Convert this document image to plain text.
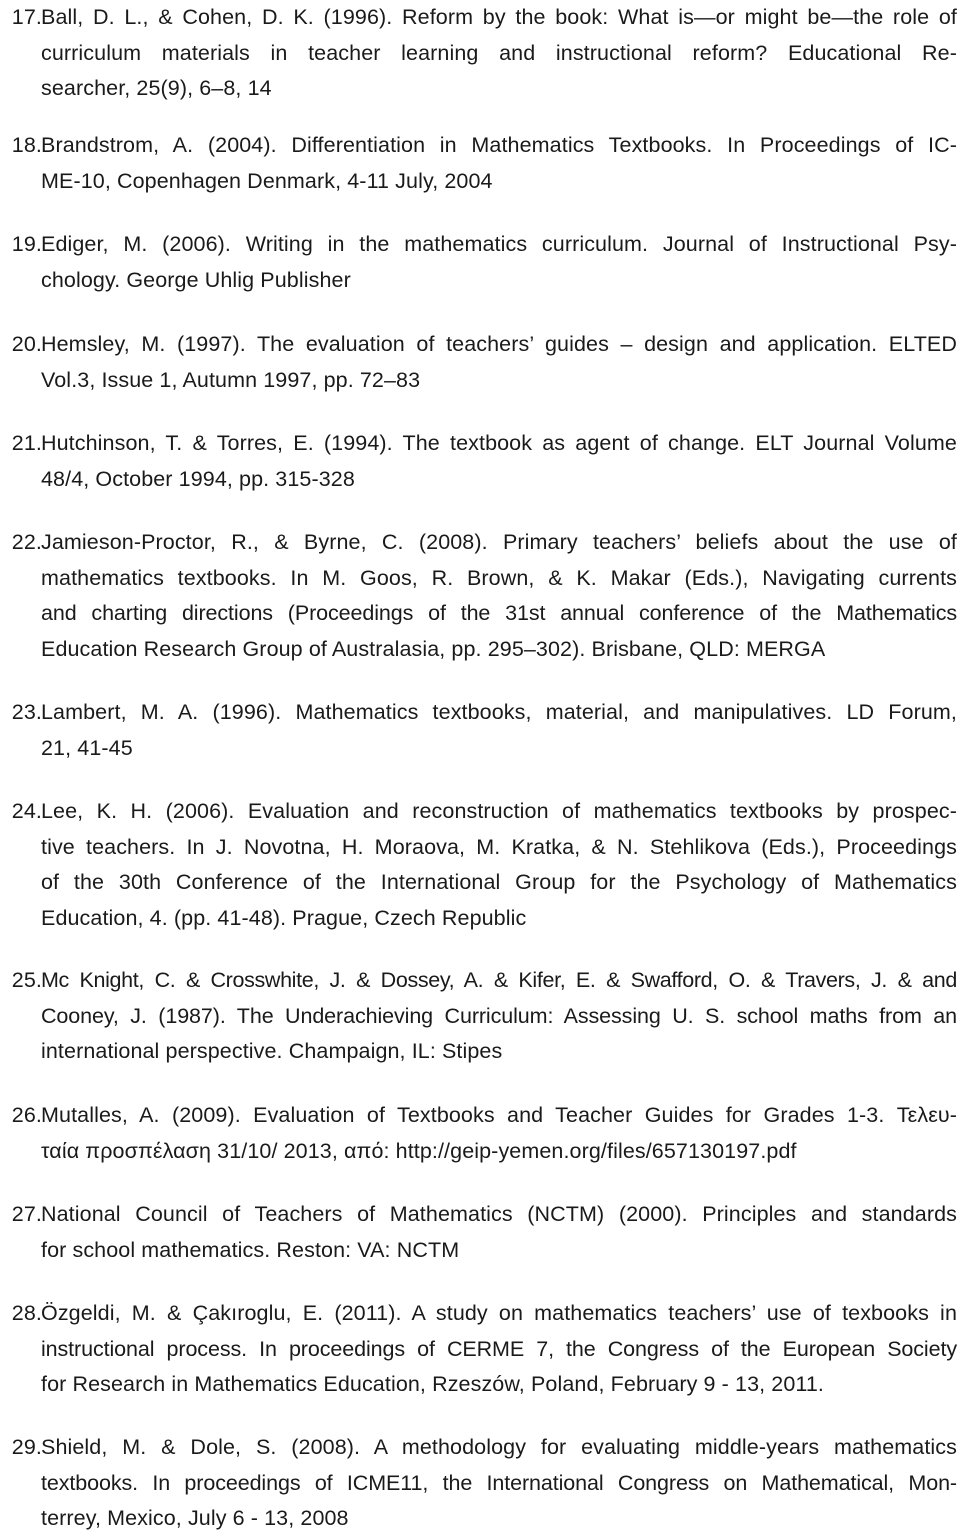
17. Ball, D. L., & Cohen, D. K. (1996). Reform by the book: What is—or might be—the role of
curriculum materials in teacher learning and instructional reform? Educational Re-
searcher, 25(9), 6–8, 14
18. Brandstrom, A. (2004). Differentiation in Mathematics Textbooks. In Proceedings of IC-
ME-10, Copenhagen Denmark, 4-11 July, 2004
19. Ediger, M. (2006). Writing in the mathematics curriculum. Journal of Instructional Psy-
chology. George Uhlig Publisher
20. Hemsley, M. (1997). The evaluation of teachers’ guides – design and application. ELTED
Vol.3, Issue 1, Autumn 1997, pp. 72–83
21. Hutchinson, T. & Torres, E. (1994). The textbook as agent of change. ELT Journal Volume
48/4, October 1994, pp. 315-328
22. Jamieson-Proctor, R., & Byrne, C. (2008). Primary teachers’ beliefs about the use of
mathematics textbooks. In M. Goos, R. Brown, & K. Makar (Eds.), Navigating currents
and charting directions (Proceedings of the 31st annual conference of the Mathematics
Education Research Group of Australasia, pp. 295–302). Brisbane, QLD: MERGA
23. Lambert, M. A. (1996). Mathematics textbooks, material, and manipulatives. LD Forum,
21, 41-45
24. Lee, K. H. (2006). Evaluation and reconstruction of mathematics textbooks by prospec-
tive teachers. In J. Novotna, H. Moraova, M. Kratka, & N. Stehlikova (Eds.), Proceedings
of the 30th Conference of the International Group for the Psychology of Mathematics
Education, 4. (pp. 41-48). Prague, Czech Republic
25. Mc Knight, C. & Crosswhite, J. & Dossey, A. & Kifer, E. & Swafford, O. & Travers, J. & and
Cooney, J. (1987). The Underachieving Curriculum: Assessing U. S. school maths from an
international perspective. Champaign, IL: Stipes
26. Mutalles, A. (2009). Evaluation of Textbooks and Teacher Guides for Grades 1-3. Τελευ-
ταία προσπέλαση 31/10/ 2013, από: http://geip-yemen.org/files/657130197.pdf
27. National Council of Teachers of Mathematics (NCTM) (2000). Principles and standards
for school mathematics. Reston: VA: NCTM
28. Özgeldi, M. & Çakıroglu, E. (2011). A study on mathematics teachers’ use of texbooks in
instructional process. In proceedings of CERME 7, the Congress of the European Society
for Research in Mathematics Education, Rzeszów, Poland, February 9 - 13, 2011.
29. Shield, M. & Dole, S. (2008). A methodology for evaluating middle-years mathematics
textbooks. In proceedings of ICME11, the International Congress on Mathematical, Mon-
terrey, Mexico, July 6 - 13, 2008
